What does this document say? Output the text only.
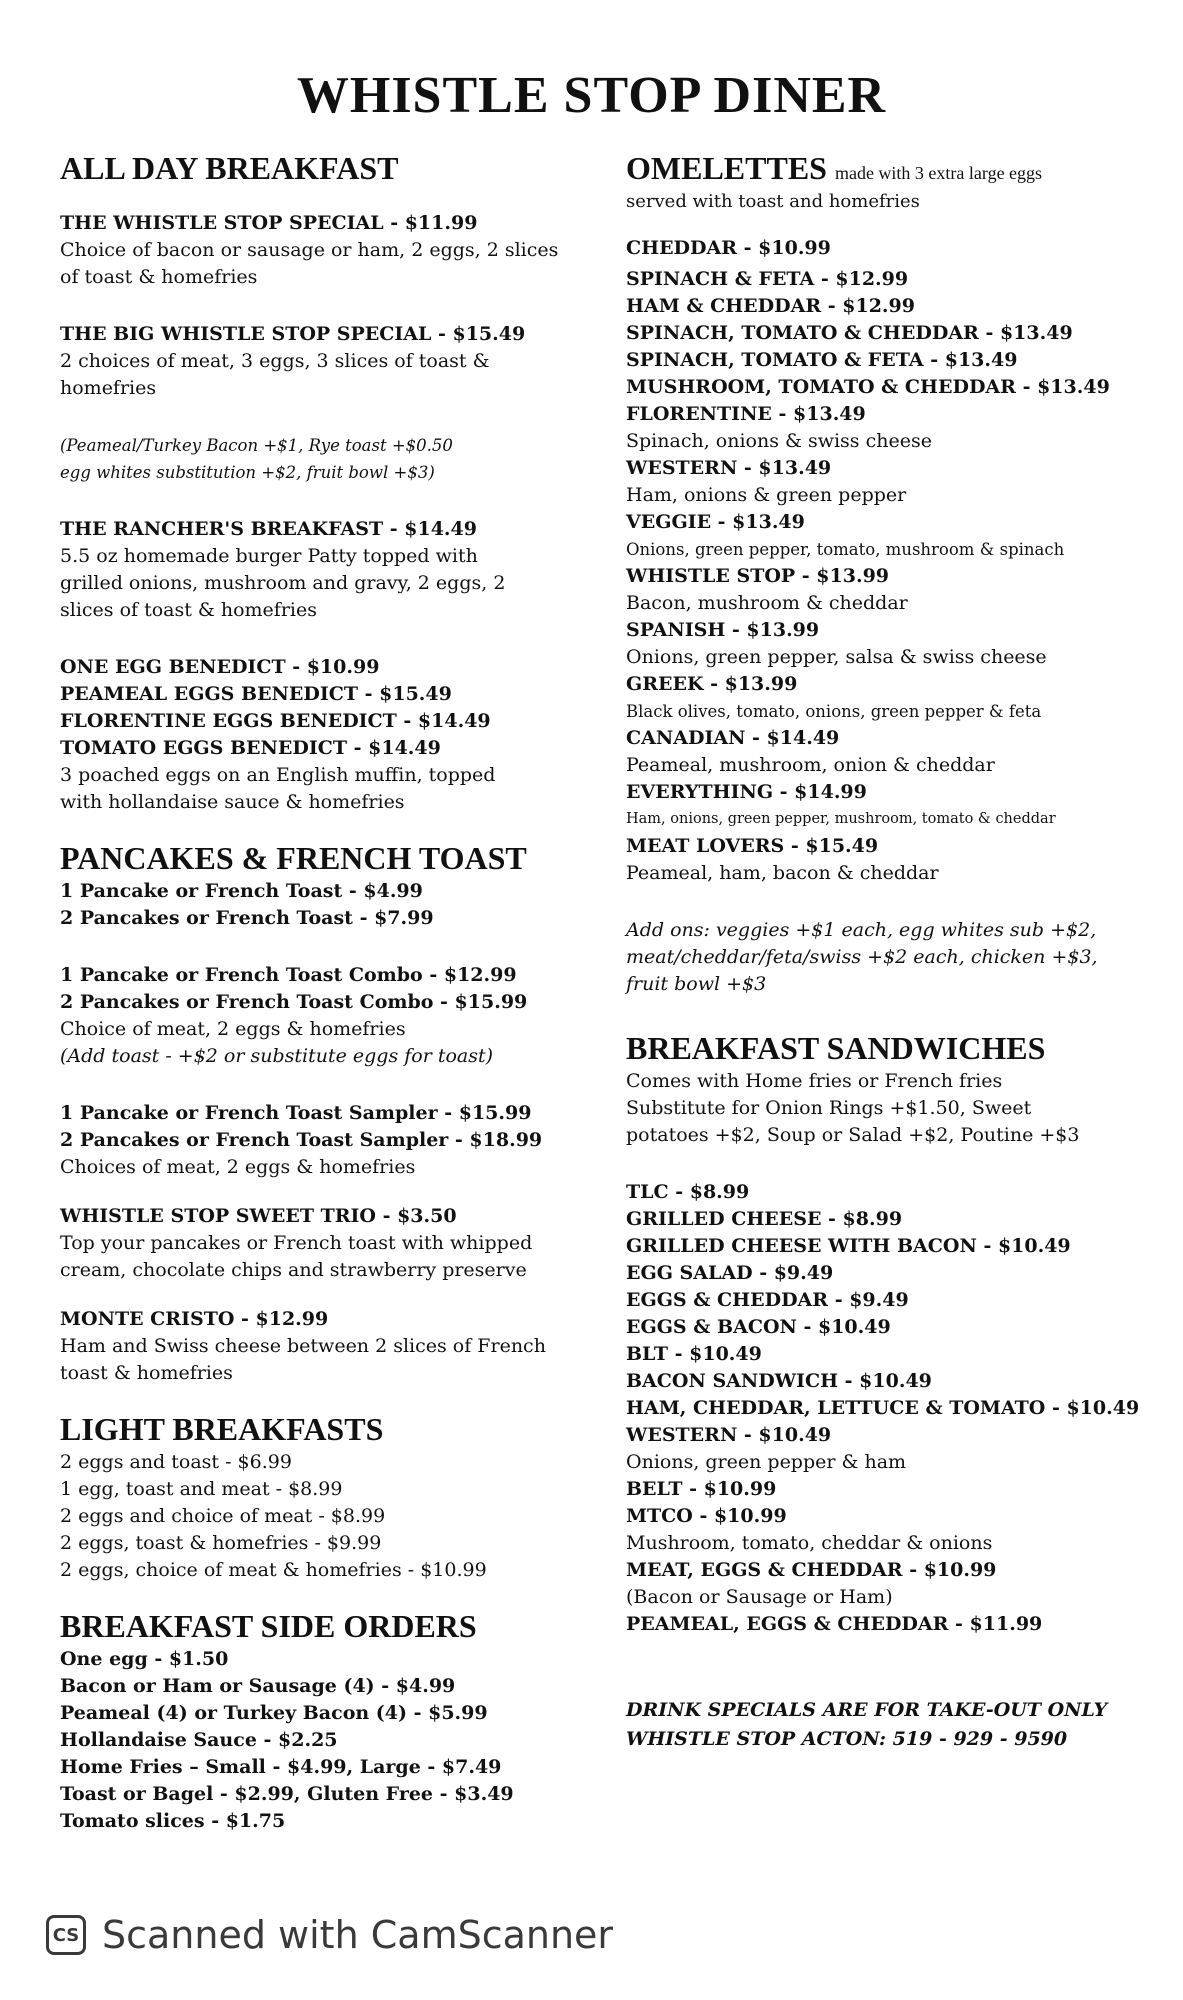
WHISTLE STOP DINER
ALL DAY BREAKFAST
THE WHISTLE STOP SPECIAL - $11.99
Choice of bacon or sausage or ham, 2 eggs, 2 slices
of toast & homefries
THE BIG WHISTLE STOP SPECIAL - $15.49
2 choices of meat, 3 eggs, 3 slices of toast &
homefries
(Peameal/Turkey Bacon +$1, Rye toast +$0.50
egg whites substitution +$2, fruit bowl +$3)
THE RANCHER'S BREAKFAST - $14.49
5.5 oz homemade burger Patty topped with
grilled onions, mushroom and gravy, 2 eggs, 2
slices of toast & homefries
ONE EGG BENEDICT - $10.99
PEAMEAL EGGS BENEDICT - $15.49
FLORENTINE EGGS BENEDICT - $14.49
TOMATO EGGS BENEDICT - $14.49
3 poached eggs on an English muffin, topped
with hollandaise sauce & homefries
PANCAKES & FRENCH TOAST
1 Pancake or French Toast - $4.99
2 Pancakes or French Toast - $7.99
1 Pancake or French Toast Combo - $12.99
2 Pancakes or French Toast Combo - $15.99
Choice of meat, 2 eggs & homefries
(Add toast - +$2 or substitute eggs for toast)
1 Pancake or French Toast Sampler - $15.99
2 Pancakes or French Toast Sampler - $18.99
Choices of meat, 2 eggs & homefries
WHISTLE STOP SWEET TRIO - $3.50
Top your pancakes or French toast with whipped
cream, chocolate chips and strawberry preserve
MONTE CRISTO - $12.99
Ham and Swiss cheese between 2 slices of French
toast & homefries
LIGHT BREAKFASTS
2 eggs and toast - $6.99
1 egg, toast and meat - $8.99
2 eggs and choice of meat - $8.99
2 eggs, toast & homefries - $9.99
2 eggs, choice of meat & homefries - $10.99
BREAKFAST SIDE ORDERS
One egg - $1.50
Bacon or Ham or Sausage (4) - $4.99
Peameal (4) or Turkey Bacon (4) - $5.99
Hollandaise Sauce - $2.25
Home Fries – Small - $4.99, Large - $7.49
Toast or Bagel - $2.99, Gluten Free - $3.49
Tomato slices - $1.75
OMELETTES made with 3 extra large eggs
served with toast and homefries
CHEDDAR - $10.99
SPINACH & FETA - $12.99
HAM & CHEDDAR - $12.99
SPINACH, TOMATO & CHEDDAR - $13.49
SPINACH, TOMATO & FETA - $13.49
MUSHROOM, TOMATO & CHEDDAR - $13.49
FLORENTINE - $13.49
Spinach, onions & swiss cheese
WESTERN - $13.49
Ham, onions & green pepper
VEGGIE - $13.49
Onions, green pepper, tomato, mushroom & spinach
WHISTLE STOP - $13.99
Bacon, mushroom & cheddar
SPANISH - $13.99
Onions, green pepper, salsa & swiss cheese
GREEK - $13.99
Black olives, tomato, onions, green pepper & feta
CANADIAN - $14.49
Peameal, mushroom, onion & cheddar
EVERYTHING - $14.99
Ham, onions, green pepper, mushroom, tomato & cheddar
MEAT LOVERS - $15.49
Peameal, ham, bacon & cheddar
Add ons: veggies +$1 each, egg whites sub +$2,
meat/cheddar/feta/swiss +$2 each, chicken +$3,
fruit bowl +$3
BREAKFAST SANDWICHES
Comes with Home fries or French fries
Substitute for Onion Rings +$1.50, Sweet
potatoes +$2, Soup or Salad +$2, Poutine +$3
TLC - $8.99
GRILLED CHEESE - $8.99
GRILLED CHEESE WITH BACON - $10.49
EGG SALAD - $9.49
EGGS & CHEDDAR - $9.49
EGGS & BACON - $10.49
BLT - $10.49
BACON SANDWICH - $10.49
HAM, CHEDDAR, LETTUCE & TOMATO - $10.49
WESTERN - $10.49
Onions, green pepper & ham
BELT - $10.99
MTCO - $10.99
Mushroom, tomato, cheddar & onions
MEAT, EGGS & CHEDDAR - $10.99
(Bacon or Sausage or Ham)
PEAMEAL, EGGS & CHEDDAR - $11.99
DRINK SPECIALS ARE FOR TAKE-OUT ONLY
WHISTLE STOP ACTON: 519 - 929 - 9590
CS Scanned with CamScanner
